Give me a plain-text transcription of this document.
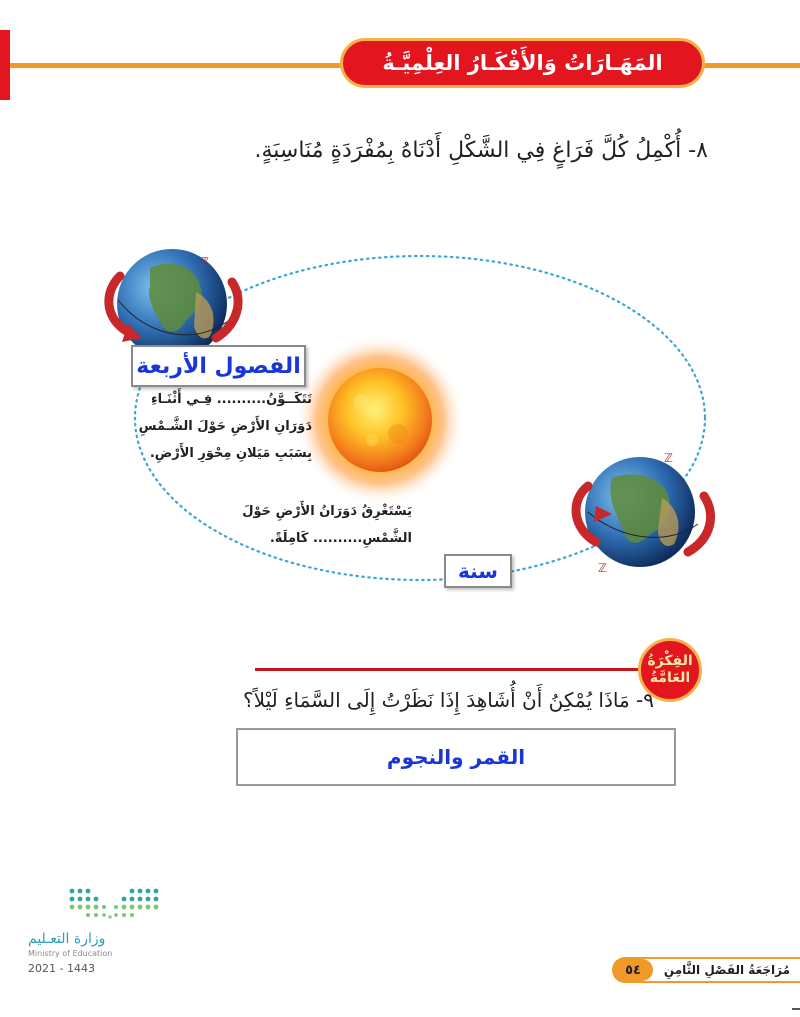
المَهَـارَاتُ وَالأَفْكَـارُ العِلْمِيَّـةُ
٨- أُكْمِلُ كُلَّ فَرَاغٍ فِي الشَّكْلِ أَدْنَاهُ بِمُفْرَدَةٍ مُنَاسِبَةٍ.
ℤ
ℤ
ℤ
الفصول الأربعة
تَتَكَــوَّنُ.......... فِـي أَثْنَـاءِ
دَوَرَانِ الأَرْضِ حَوْلَ الشَّـمْسِ
بِسَبَبِ مَيَلانِ مِحْوَرِ الأَرْضِ.
يَسْتَغْرِقُ دَوَرَانُ الأَرْضِ حَوْلَ
الشَّمْسِ.......... كَامِلَةً.
سنة
الفِكْرَةُ
العَامَّةُ
٩- مَاذَا يُمْكِنُ أَنْ أُشَاهِدَ إِذَا نَظَرْتُ إِلَى السَّمَاءِ لَيْلاً؟
القمر والنجوم
وزارة التعـليم
Ministry of Education
2021 - 1443	٥٤	مُرَاجَعَةُ الفَصْلِ الثَّامِنِ
